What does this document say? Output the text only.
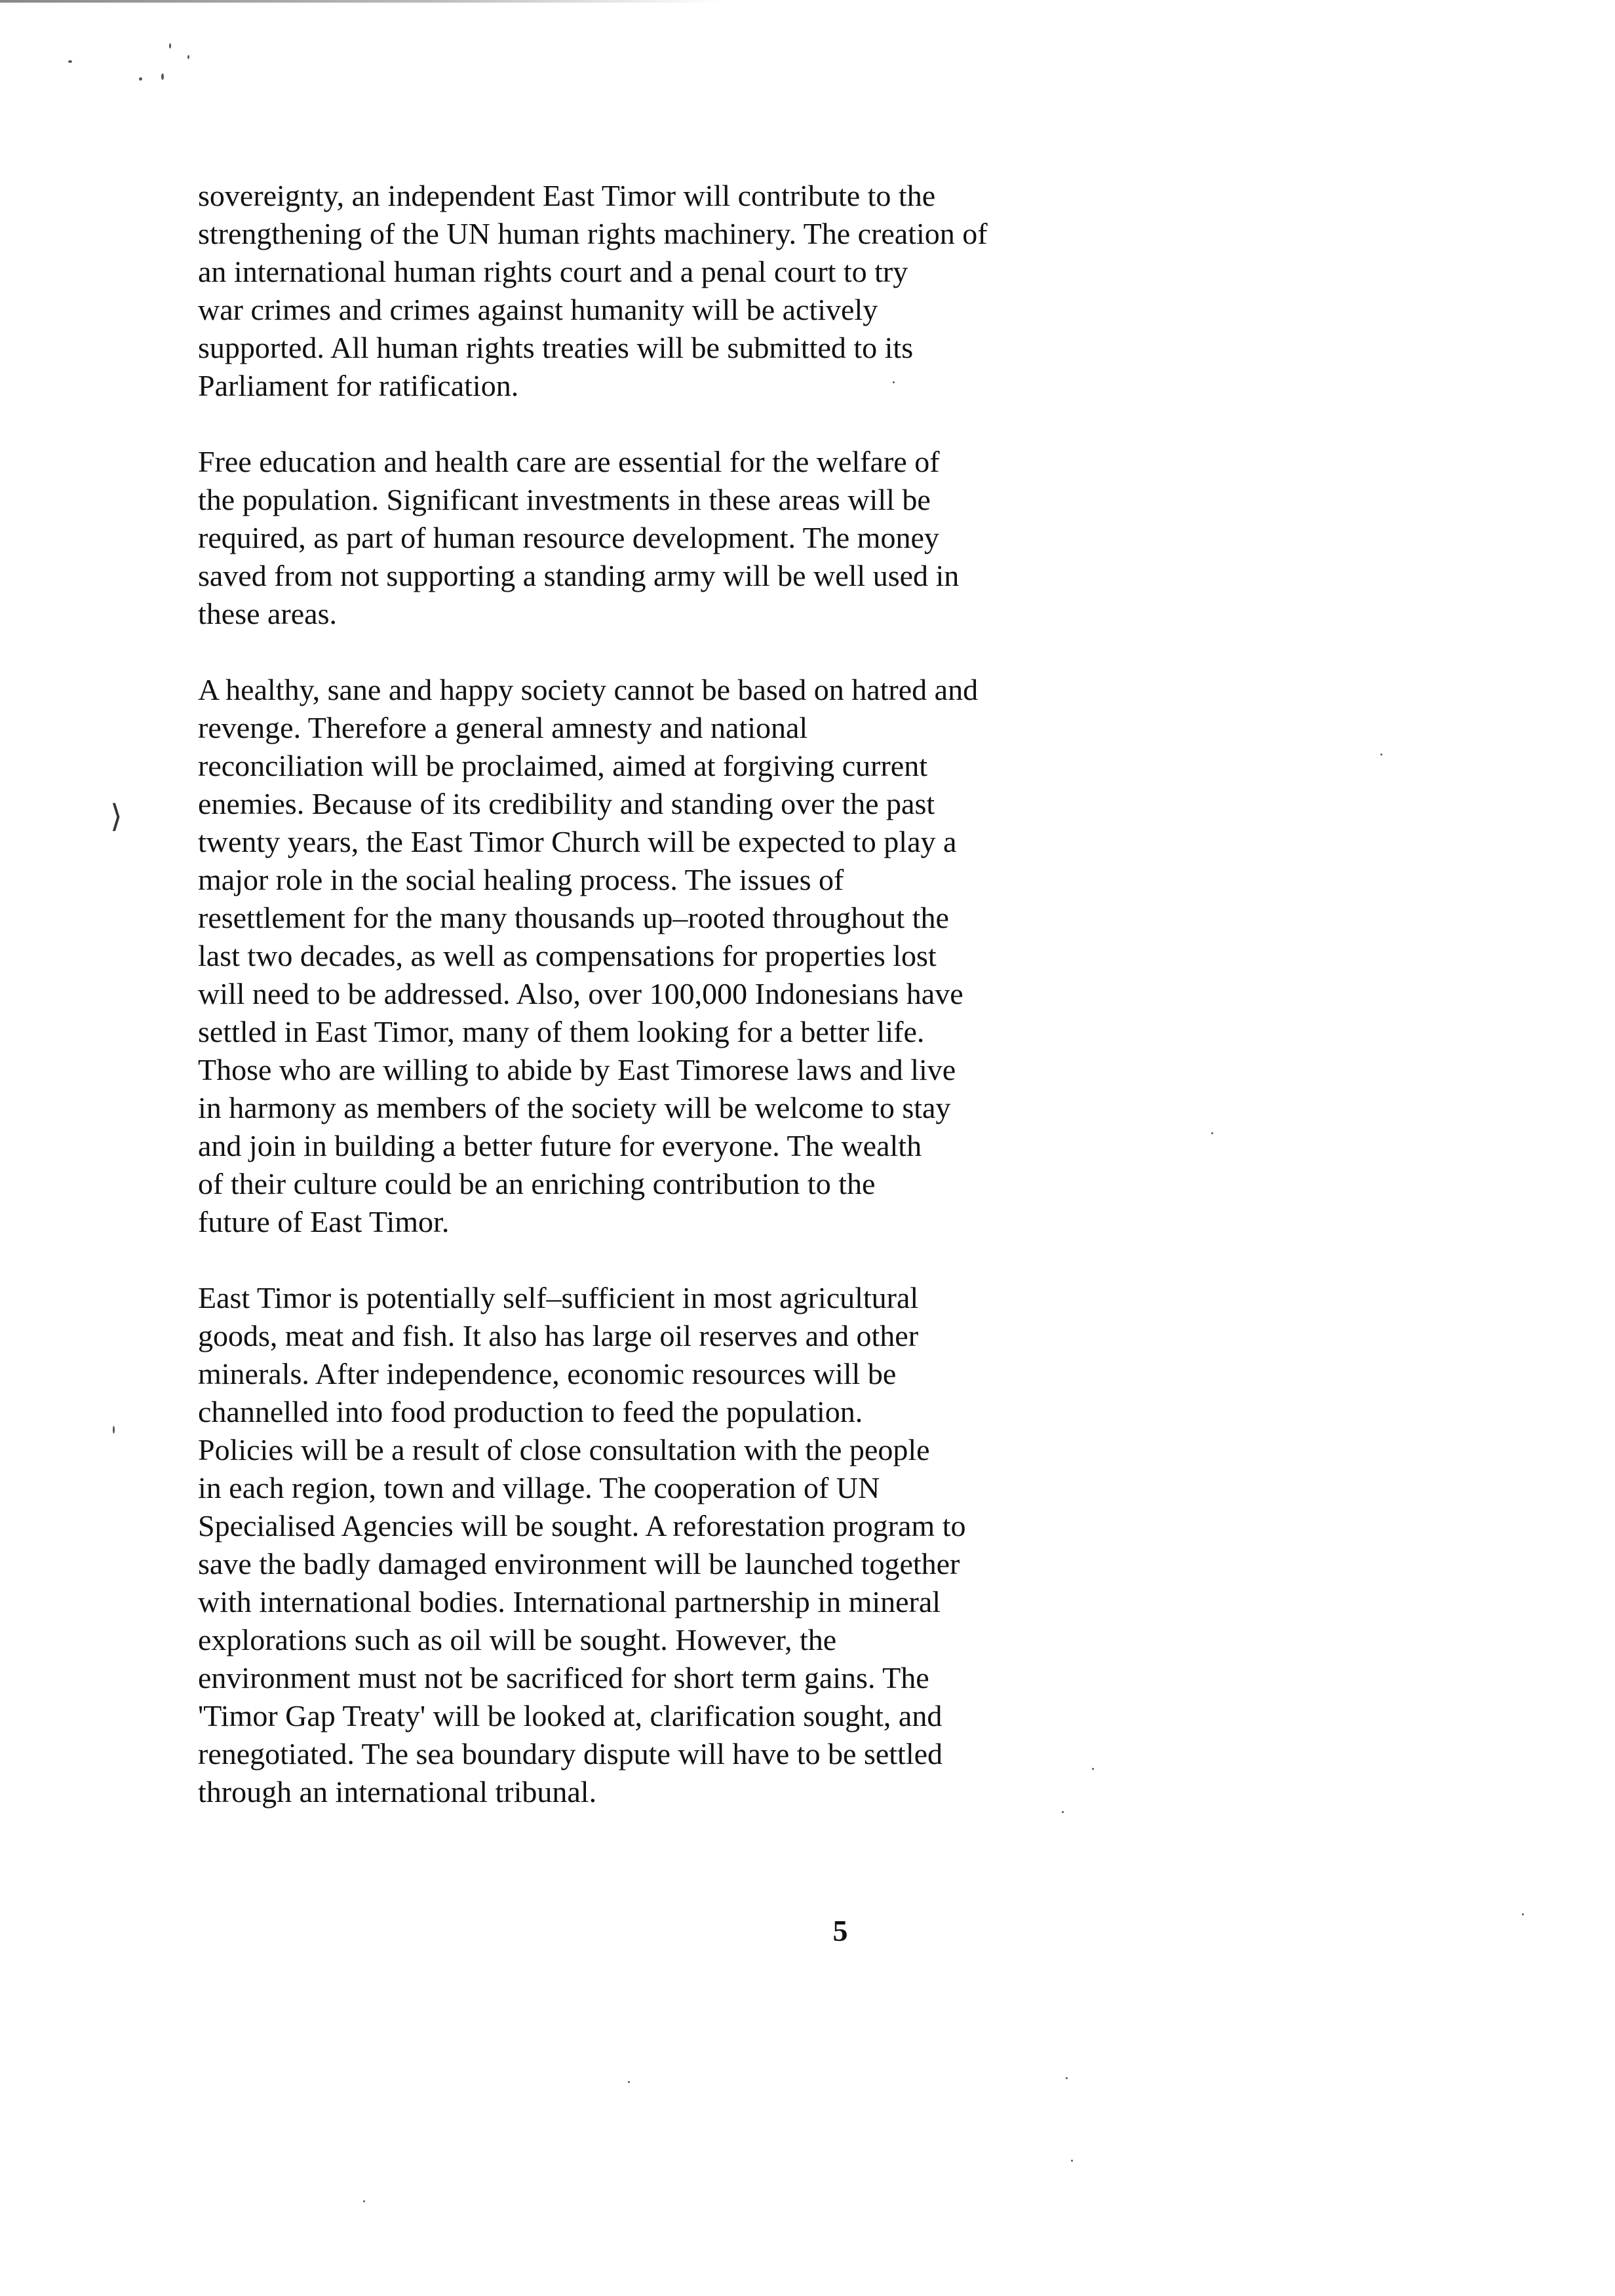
⟩

sovereignty, an independent East Timor will contribute to the
strengthening of the UN human rights machinery. The creation of
an international human rights court and a penal court to try
war crimes and crimes against humanity will be actively
supported. All human rights treaties will be submitted to its
Parliament for ratification.

Free education and health care are essential for the welfare of
the population. Significant investments in these areas will be
required, as part of human resource development. The money
saved from not supporting a standing army will be well used in
these areas.

A healthy, sane and happy society cannot be based on hatred and
revenge. Therefore a general amnesty and national
reconciliation will be proclaimed, aimed at forgiving current
enemies. Because of its credibility and standing over the past
twenty years, the East Timor Church will be expected to play a
major role in the social healing process. The issues of
resettlement for the many thousands up–rooted throughout the
last two decades, as well as compensations for properties lost
will need to be addressed. Also, over 100,000 Indonesians have
settled in East Timor, many of them looking for a better life.
Those who are willing to abide by East Timorese laws and live
in harmony as members of the society will be welcome to stay
and join in building a better future for everyone. The wealth
of their culture could be an enriching contribution to the
future of East Timor.

East Timor is potentially self–sufficient in most agricultural
goods, meat and fish. It also has large oil reserves and other
minerals. After independence, economic resources will be
channelled into food production to feed the population.
Policies will be a result of close consultation with the people
in each region, town and village. The cooperation of UN
Specialised Agencies will be sought. A reforestation program to
save the badly damaged environment will be launched together
with international bodies. International partnership in mineral
explorations such as oil will be sought. However, the
environment must not be sacrificed for short term gains. The
'Timor Gap Treaty' will be looked at, clarification sought, and
renegotiated. The sea boundary dispute will have to be settled
through an international tribunal.

5
